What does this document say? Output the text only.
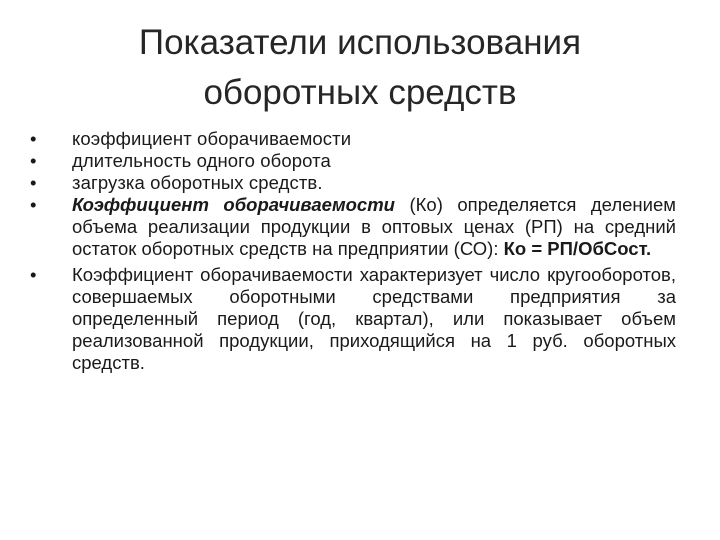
Показатели использования
оборотных средств
•	коэффициент оборачиваемости
•	длительность одного оборота
•	загрузка оборотных средств.
•	Коэффициент оборачиваемости (Ко) определяется делением объема реализации продукции в оптовых ценах (РП) на средний остаток оборотных средств на предприятии (СО): Ко = РП/ОбСост.
•	Коэффициент оборачиваемости характеризует число кругооборотов, совершаемых оборотными средствами предприятия за определенный период (год, квартал), или показывает объем реализованной продукции, приходящийся на 1 руб. оборотных средств.
